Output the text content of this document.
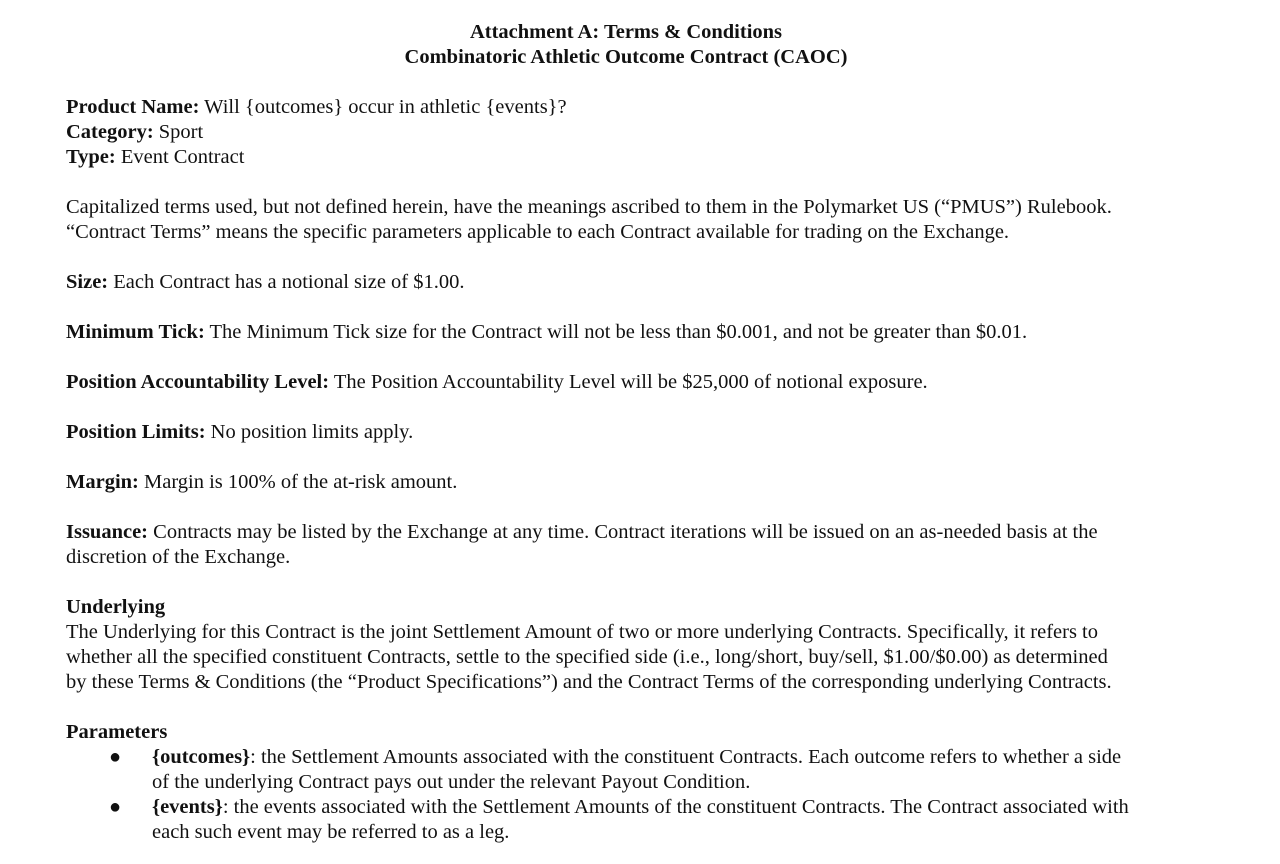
Attachment A: Terms & Conditions
Combinatoric Athletic Outcome Contract (CAOC)
Product Name: Will {outcomes} occur in athletic {events}?
Category: Sport
Type: Event Contract
Capitalized terms used, but not defined herein, have the meanings ascribed to them in the Polymarket US (“PMUS”) Rulebook.
“Contract Terms” means the specific parameters applicable to each Contract available for trading on the Exchange.
Size: Each Contract has a notional size of $1.00.
Minimum Tick: The Minimum Tick size for the Contract will not be less than $0.001, and not be greater than $0.01.
Position Accountability Level: The Position Accountability Level will be $25,000 of notional exposure.
Position Limits: No position limits apply.
Margin: Margin is 100% of the at-risk amount.
Issuance: Contracts may be listed by the Exchange at any time. Contract iterations will be issued on an as-needed basis at the
discretion of the Exchange.
Underlying
The Underlying for this Contract is the joint Settlement Amount of two or more underlying Contracts. Specifically, it refers to
whether all the specified constituent Contracts, settle to the specified side (i.e., long/short, buy/sell, $1.00/$0.00) as determined
by these Terms & Conditions (the “Product Specifications”) and the Contract Terms of the corresponding underlying Contracts.
Parameters
● {outcomes}: the Settlement Amounts associated with the constituent Contracts. Each outcome refers to whether a side
of the underlying Contract pays out under the relevant Payout Condition.
● {events}: the events associated with the Settlement Amounts of the constituent Contracts. The Contract associated with
each such event may be referred to as a leg.
